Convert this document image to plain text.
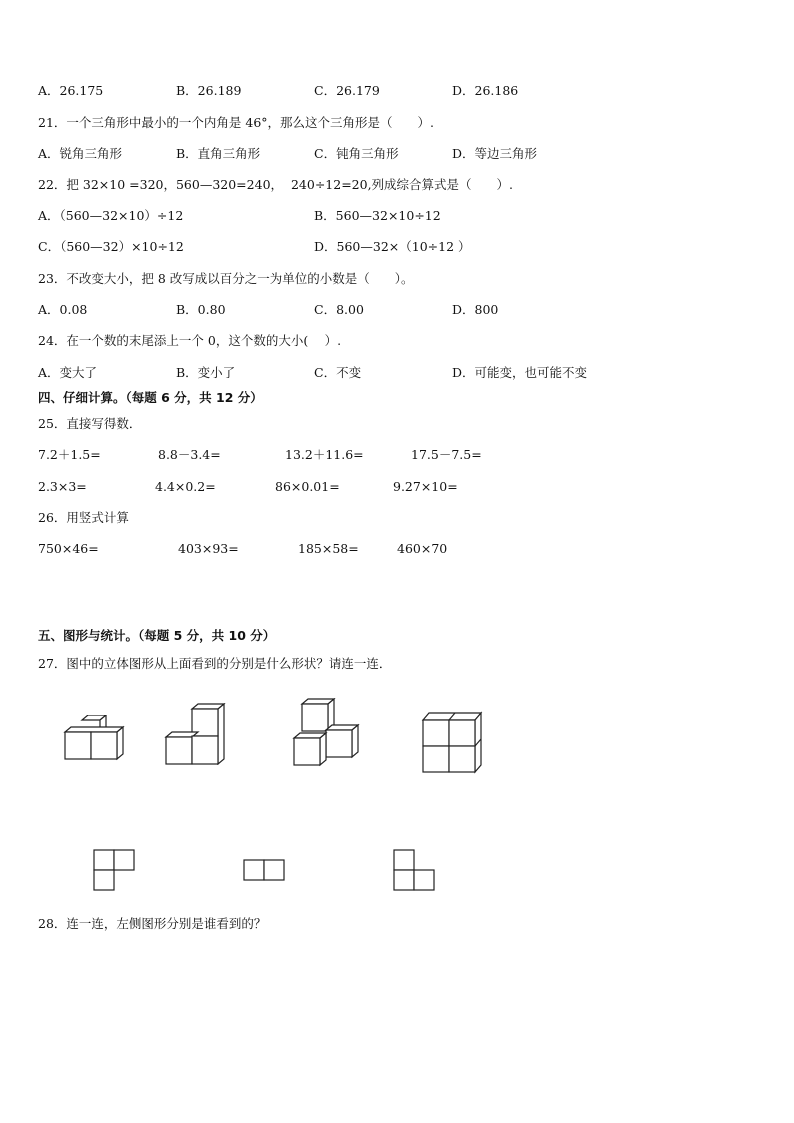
A．26.175	B．26.189	C．26.179	D．26.186
21．一个三角形中最小的一个内角是 46°，那么这个三角形是（　　）.
A．锐角三角形	B．直角三角形	C．钝角三角形	D．等边三角形
22．把 32×10 =320，560—320=240，  240÷12=20,列成综合算式是（　　）.
A．（560—32×10）÷12	B．560—32×10÷12
C．（560—32）×10÷12	D．560—32×（10÷12 ）
23．不改变大小，把 8 改写成以百分之一为单位的小数是（　　）。
A．0.08	B．0.80	C．8.00	D．800
24．在一个数的末尾添上一个 0，这个数的大小(　 ）.
A．变大了	B．变小了	C．不变	D．可能变，也可能不变
四、仔细计算。（每题 6 分，共 12 分）
25．直接写得数．
7.2＋1.5=	8.8－3.4=	13.2＋11.6=	17.5－7.5=
2.3×3=	4.4×0.2=	86×0.01=	9.27×10=
26．用竖式计算
750×46=	403×93=	185×58=	460×70
五、图形与统计。（每题 5 分，共 10 分）
27．图中的立体图形从上面看到的分别是什么形状？请连一连．
28．连一连，左侧图形分别是谁看到的？
